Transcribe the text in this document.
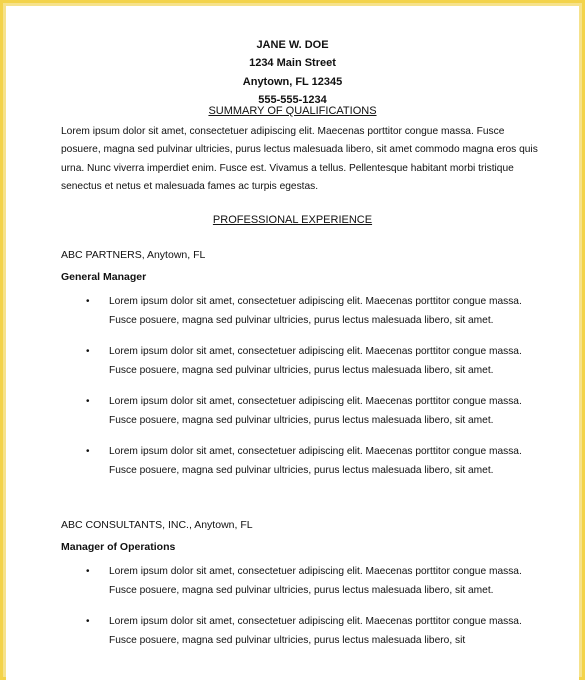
JANE W. DOE
1234 Main Street
Anytown, FL 12345
555-555-1234
SUMMARY OF QUALIFICATIONS
Lorem ipsum dolor sit amet, consectetuer adipiscing elit. Maecenas porttitor congue massa. Fusce posuere, magna sed pulvinar ultricies, purus lectus malesuada libero, sit amet commodo magna eros quis urna. Nunc viverra imperdiet enim. Fusce est. Vivamus a tellus. Pellentesque habitant morbi tristique senectus et netus et malesuada fames ac turpis egestas.
PROFESSIONAL EXPERIENCE
ABC PARTNERS, Anytown, FL
General Manager
• Lorem ipsum dolor sit amet, consectetuer adipiscing elit. Maecenas porttitor congue massa. Fusce posuere, magna sed pulvinar ultricies, purus lectus malesuada libero, sit amet.
• Lorem ipsum dolor sit amet, consectetuer adipiscing elit. Maecenas porttitor congue massa. Fusce posuere, magna sed pulvinar ultricies, purus lectus malesuada libero, sit amet.
• Lorem ipsum dolor sit amet, consectetuer adipiscing elit. Maecenas porttitor congue massa. Fusce posuere, magna sed pulvinar ultricies, purus lectus malesuada libero, sit amet.
• Lorem ipsum dolor sit amet, consectetuer adipiscing elit. Maecenas porttitor congue massa. Fusce posuere, magna sed pulvinar ultricies, purus lectus malesuada libero, sit amet.
ABC CONSULTANTS, INC., Anytown, FL
Manager of Operations
• Lorem ipsum dolor sit amet, consectetuer adipiscing elit. Maecenas porttitor congue massa. Fusce posuere, magna sed pulvinar ultricies, purus lectus malesuada libero, sit amet.
• Lorem ipsum dolor sit amet, consectetuer adipiscing elit. Maecenas porttitor congue massa. Fusce posuere, magna sed pulvinar ultricies, purus lectus malesuada libero, sit
